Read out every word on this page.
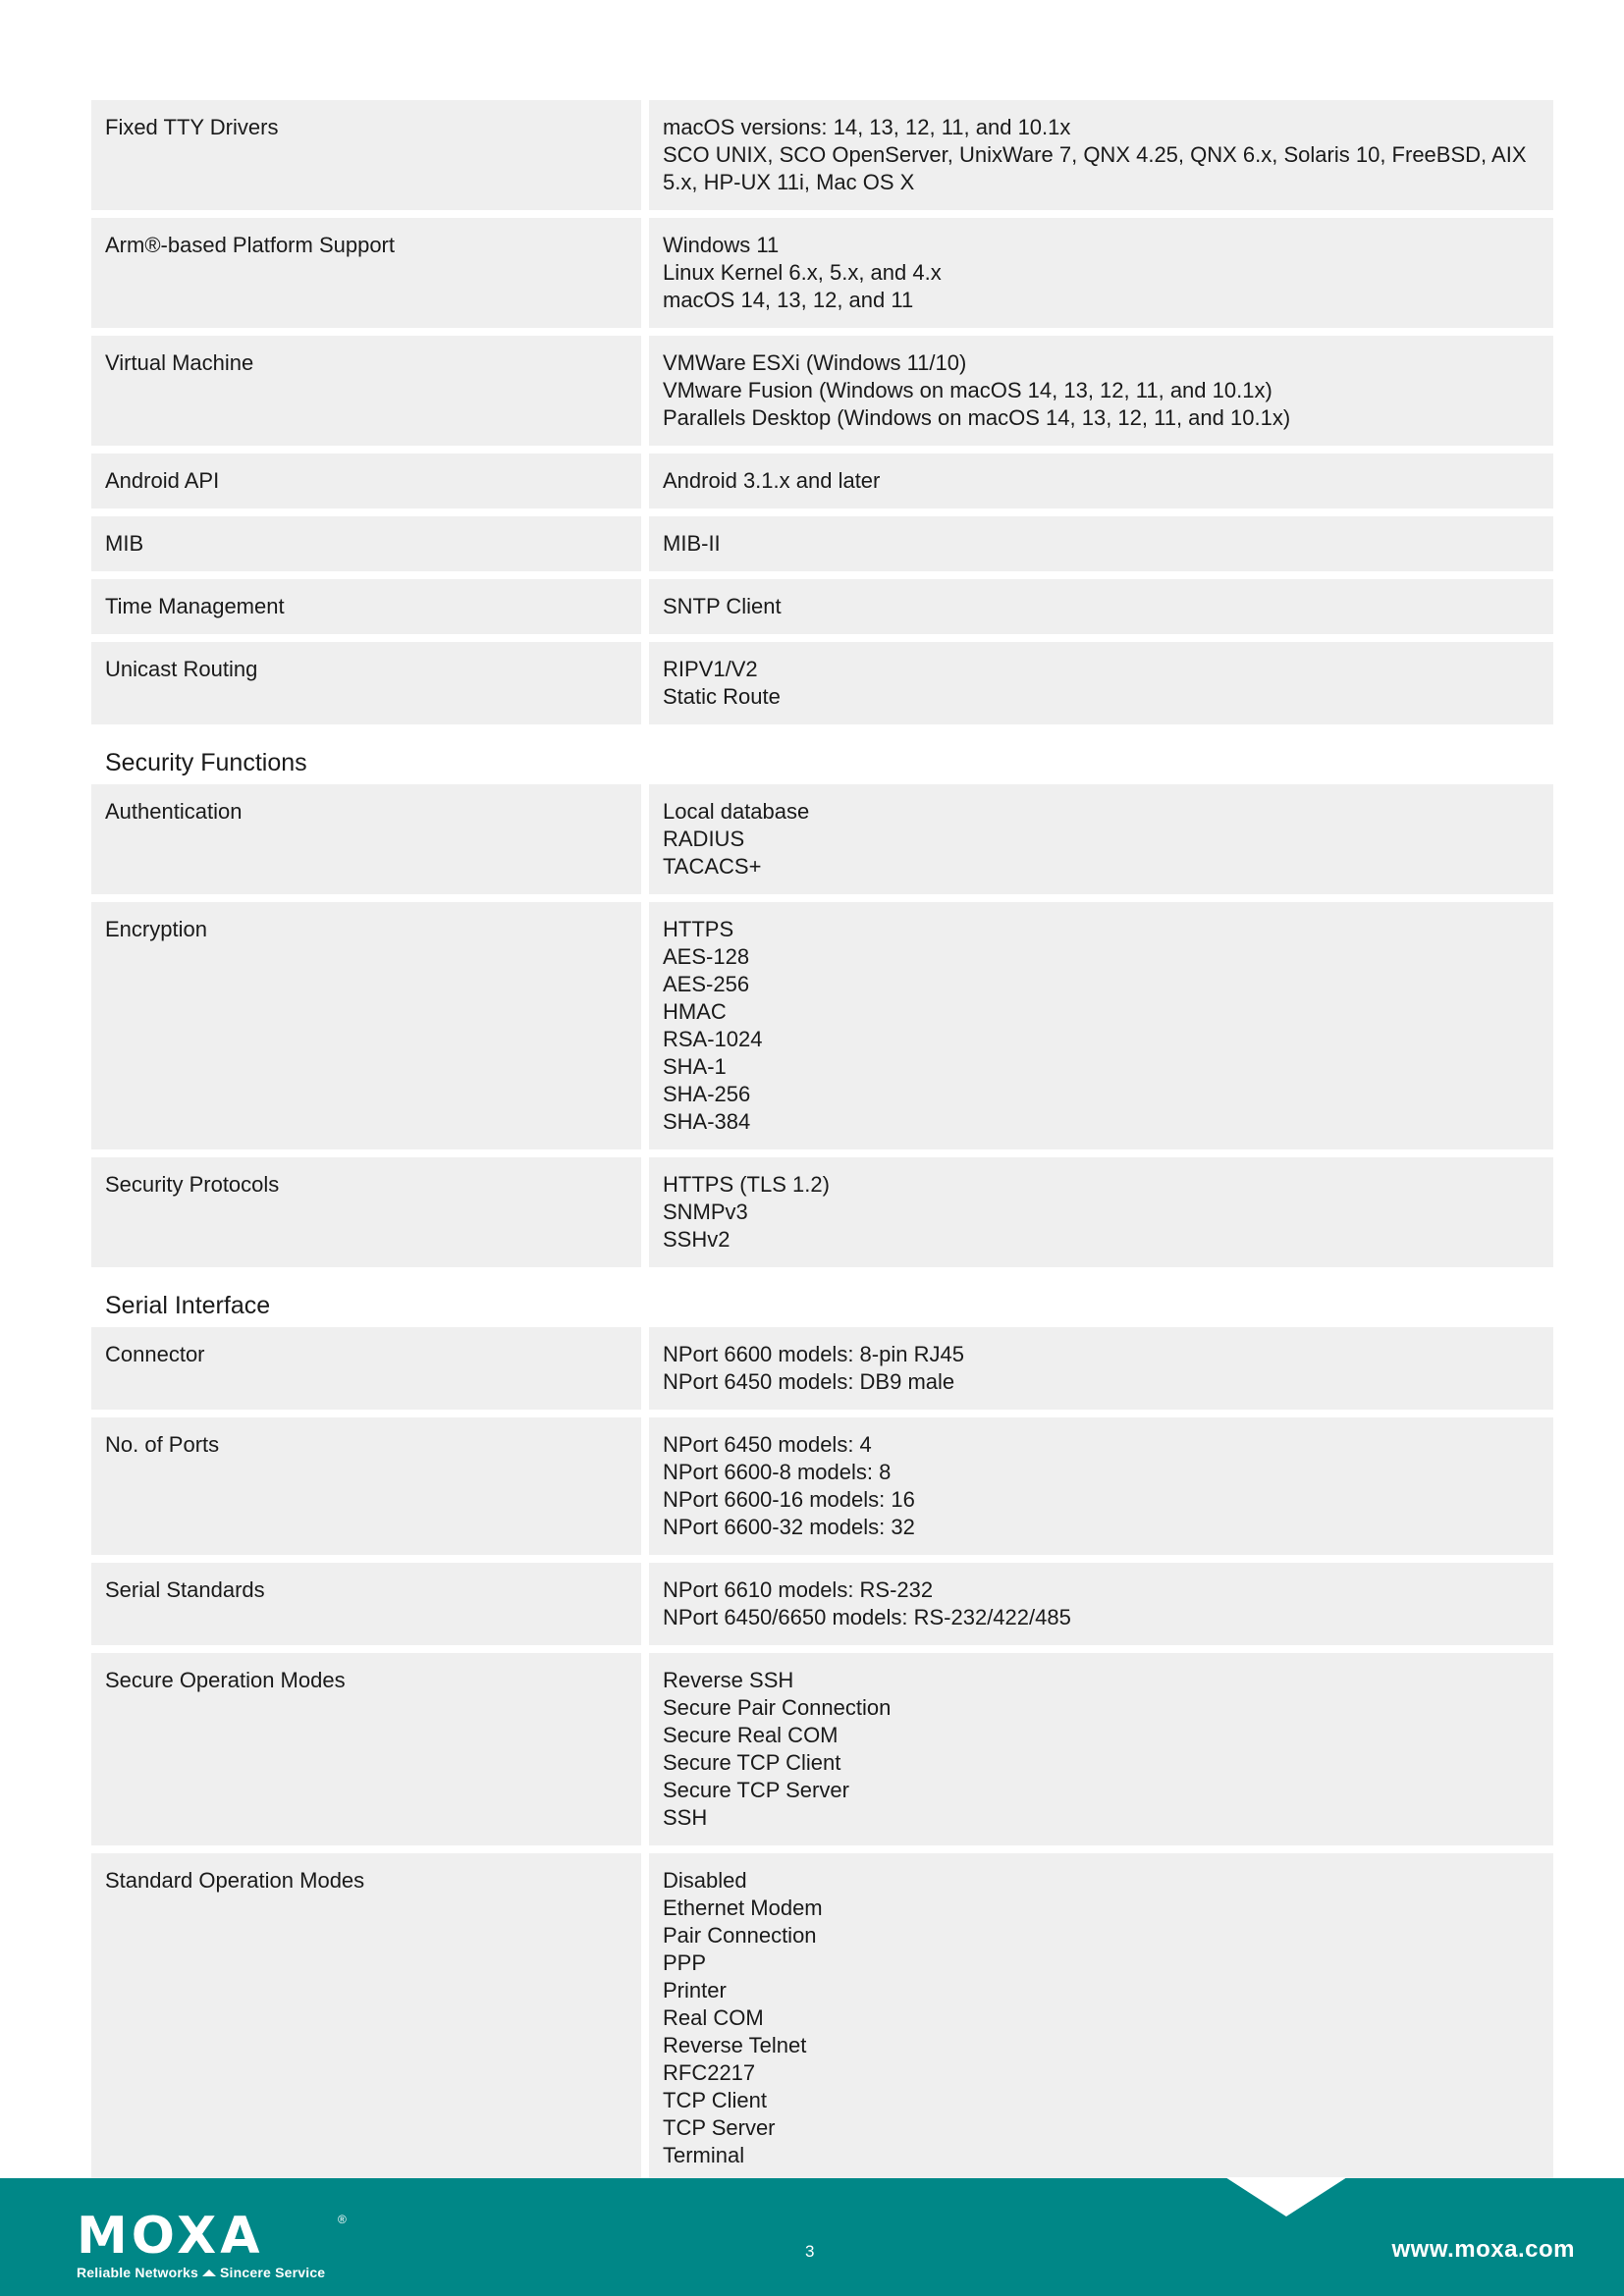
Fixed TTY Drivers	macOS versions: 14, 13, 12, 11, and 10.1x
SCO UNIX, SCO OpenServer, UnixWare 7, QNX 4.25, QNX 6.x, Solaris 10, FreeBSD, AIX 5.x, HP-UX 11i, Mac OS X
Arm®-based Platform Support	Windows 11
Linux Kernel 6.x, 5.x, and 4.x
macOS 14, 13, 12, and 11
Virtual Machine	VMWare ESXi (Windows 11/10)
VMware Fusion (Windows on macOS 14, 13, 12, 11, and 10.1x)
Parallels Desktop (Windows on macOS 14, 13, 12, 11, and 10.1x)
Android API	Android 3.1.x and later
MIB	MIB-II
Time Management	SNTP Client
Unicast Routing	RIPV1/V2
Static Route
Security Functions
Authentication	Local database
RADIUS
TACACS+
Encryption	HTTPS
AES-128
AES-256
HMAC
RSA-1024
SHA-1
SHA-256
SHA-384
Security Protocols	HTTPS (TLS 1.2)
SNMPv3
SSHv2
Serial Interface
Connector	NPort 6600 models: 8-pin RJ45
NPort 6450 models: DB9 male
No. of Ports	NPort 6450 models: 4
NPort 6600-8 models: 8
NPort 6600-16 models: 16
NPort 6600-32 models: 32
Serial Standards	NPort 6610 models: RS-232
NPort 6450/6650 models: RS-232/422/485
Secure Operation Modes	Reverse SSH
Secure Pair Connection
Secure Real COM
Secure TCP Client
Secure TCP Server
SSH
Standard Operation Modes	Disabled
Ethernet Modem
Pair Connection
PPP
Printer
Real COM
Reverse Telnet
RFC2217
TCP Client
TCP Server
Terminal
MOXA	®
Reliable Networks Sincere Service
3	www.moxa.com
